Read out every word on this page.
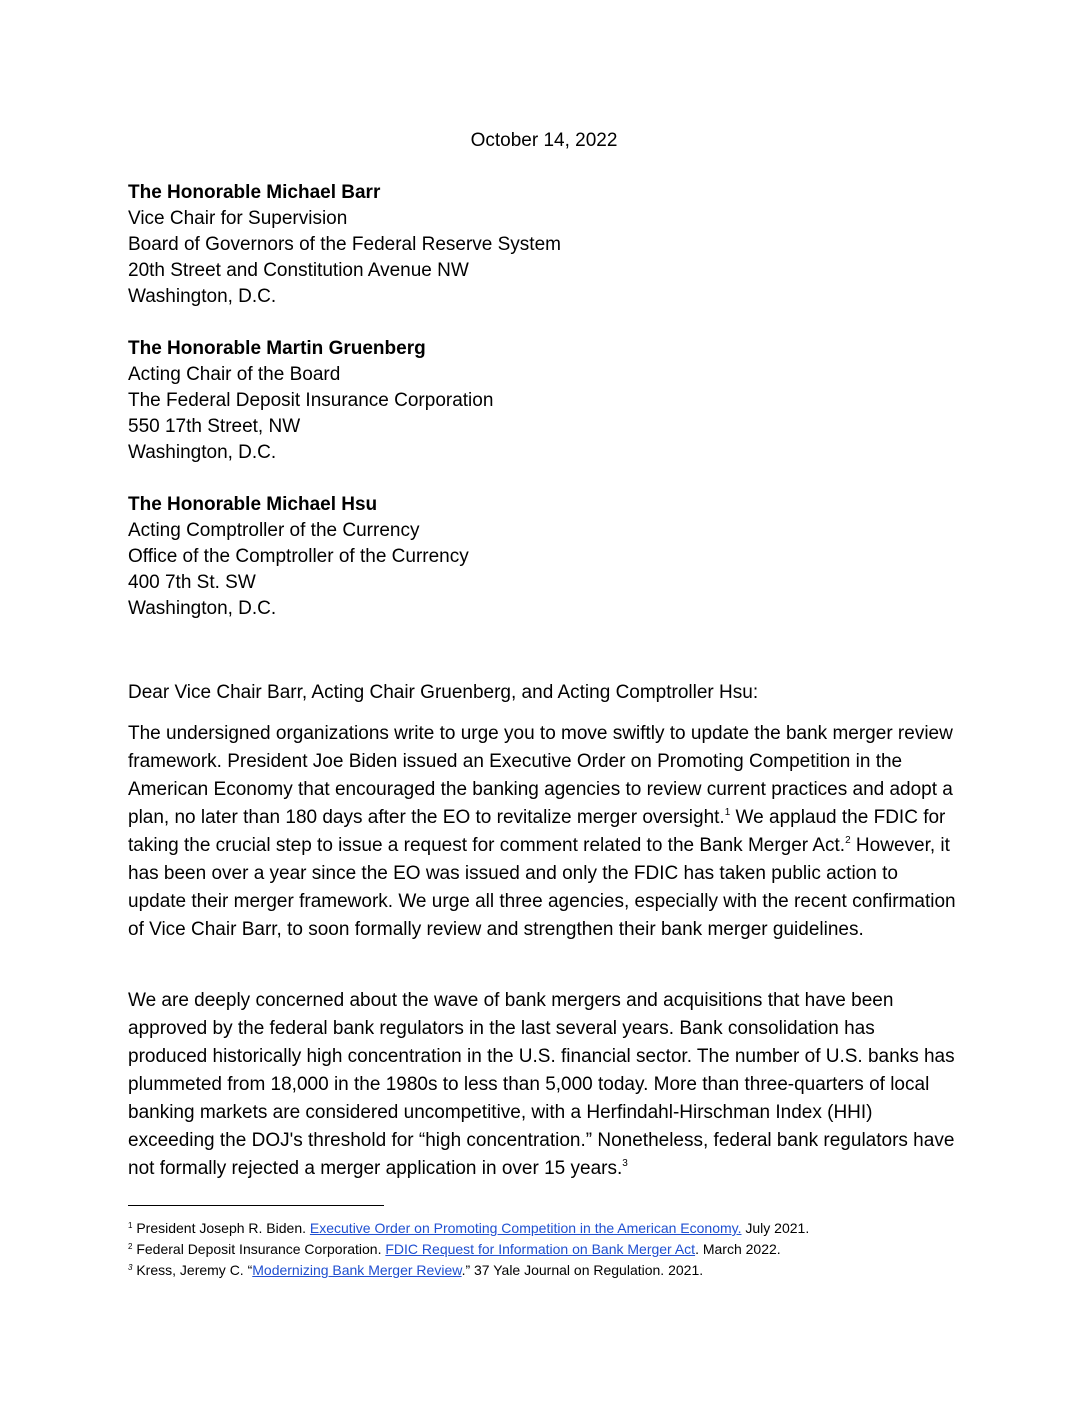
October 14, 2022
The Honorable Michael Barr
Vice Chair for Supervision
Board of Governors of the Federal Reserve System
20th Street and Constitution Avenue NW
Washington, D.C.
The Honorable Martin Gruenberg
Acting Chair of the Board
The Federal Deposit Insurance Corporation
550 17th Street, NW
Washington, D.C.
The Honorable Michael Hsu
Acting Comptroller of the Currency
Office of the Comptroller of the Currency
400 7th St. SW
Washington, D.C.
Dear Vice Chair Barr, Acting Chair Gruenberg, and Acting Comptroller Hsu:

The undersigned organizations write to urge you to move swiftly to update the bank merger review framework. President Joe Biden issued an Executive Order on Promoting Competition in the American Economy that encouraged the banking agencies to review current practices and adopt a plan, no later than 180 days after the EO to revitalize merger oversight.$^1$ We applaud the FDIC for taking the crucial step to issue a request for comment related to the Bank Merger Act.$^2$ However, it has been over a year since the EO was issued and only the FDIC has taken public action to update their merger framework. We urge all three agencies, especially with the recent confirmation of Vice Chair Barr, to soon formally review and strengthen their bank merger guidelines.

We are deeply concerned about the wave of bank mergers and acquisitions that have been approved by the federal bank regulators in the last several years. Bank consolidation has produced historically high concentration in the U.S. financial sector. The number of U.S. banks has plummeted from 18,000 in the 1980s to less than 5,000 today. More than three-quarters of local banking markets are considered uncompetitive, with a Herfindahl-Hirschman Index (HHI) exceeding the DOJ's threshold for “high concentration.” Nonetheless, federal bank regulators have not formally rejected a merger application in over 15 years.$^3$

$^1$ President Joseph R. Biden. Executive Order on Promoting Competition in the American Economy. July 2021.
$^2$ Federal Deposit Insurance Corporation. FDIC Request for Information on Bank Merger Act. March 2022.
$^3$ Kress, Jeremy C. “Modernizing Bank Merger Review.” 37 Yale Journal on Regulation. 2021.
